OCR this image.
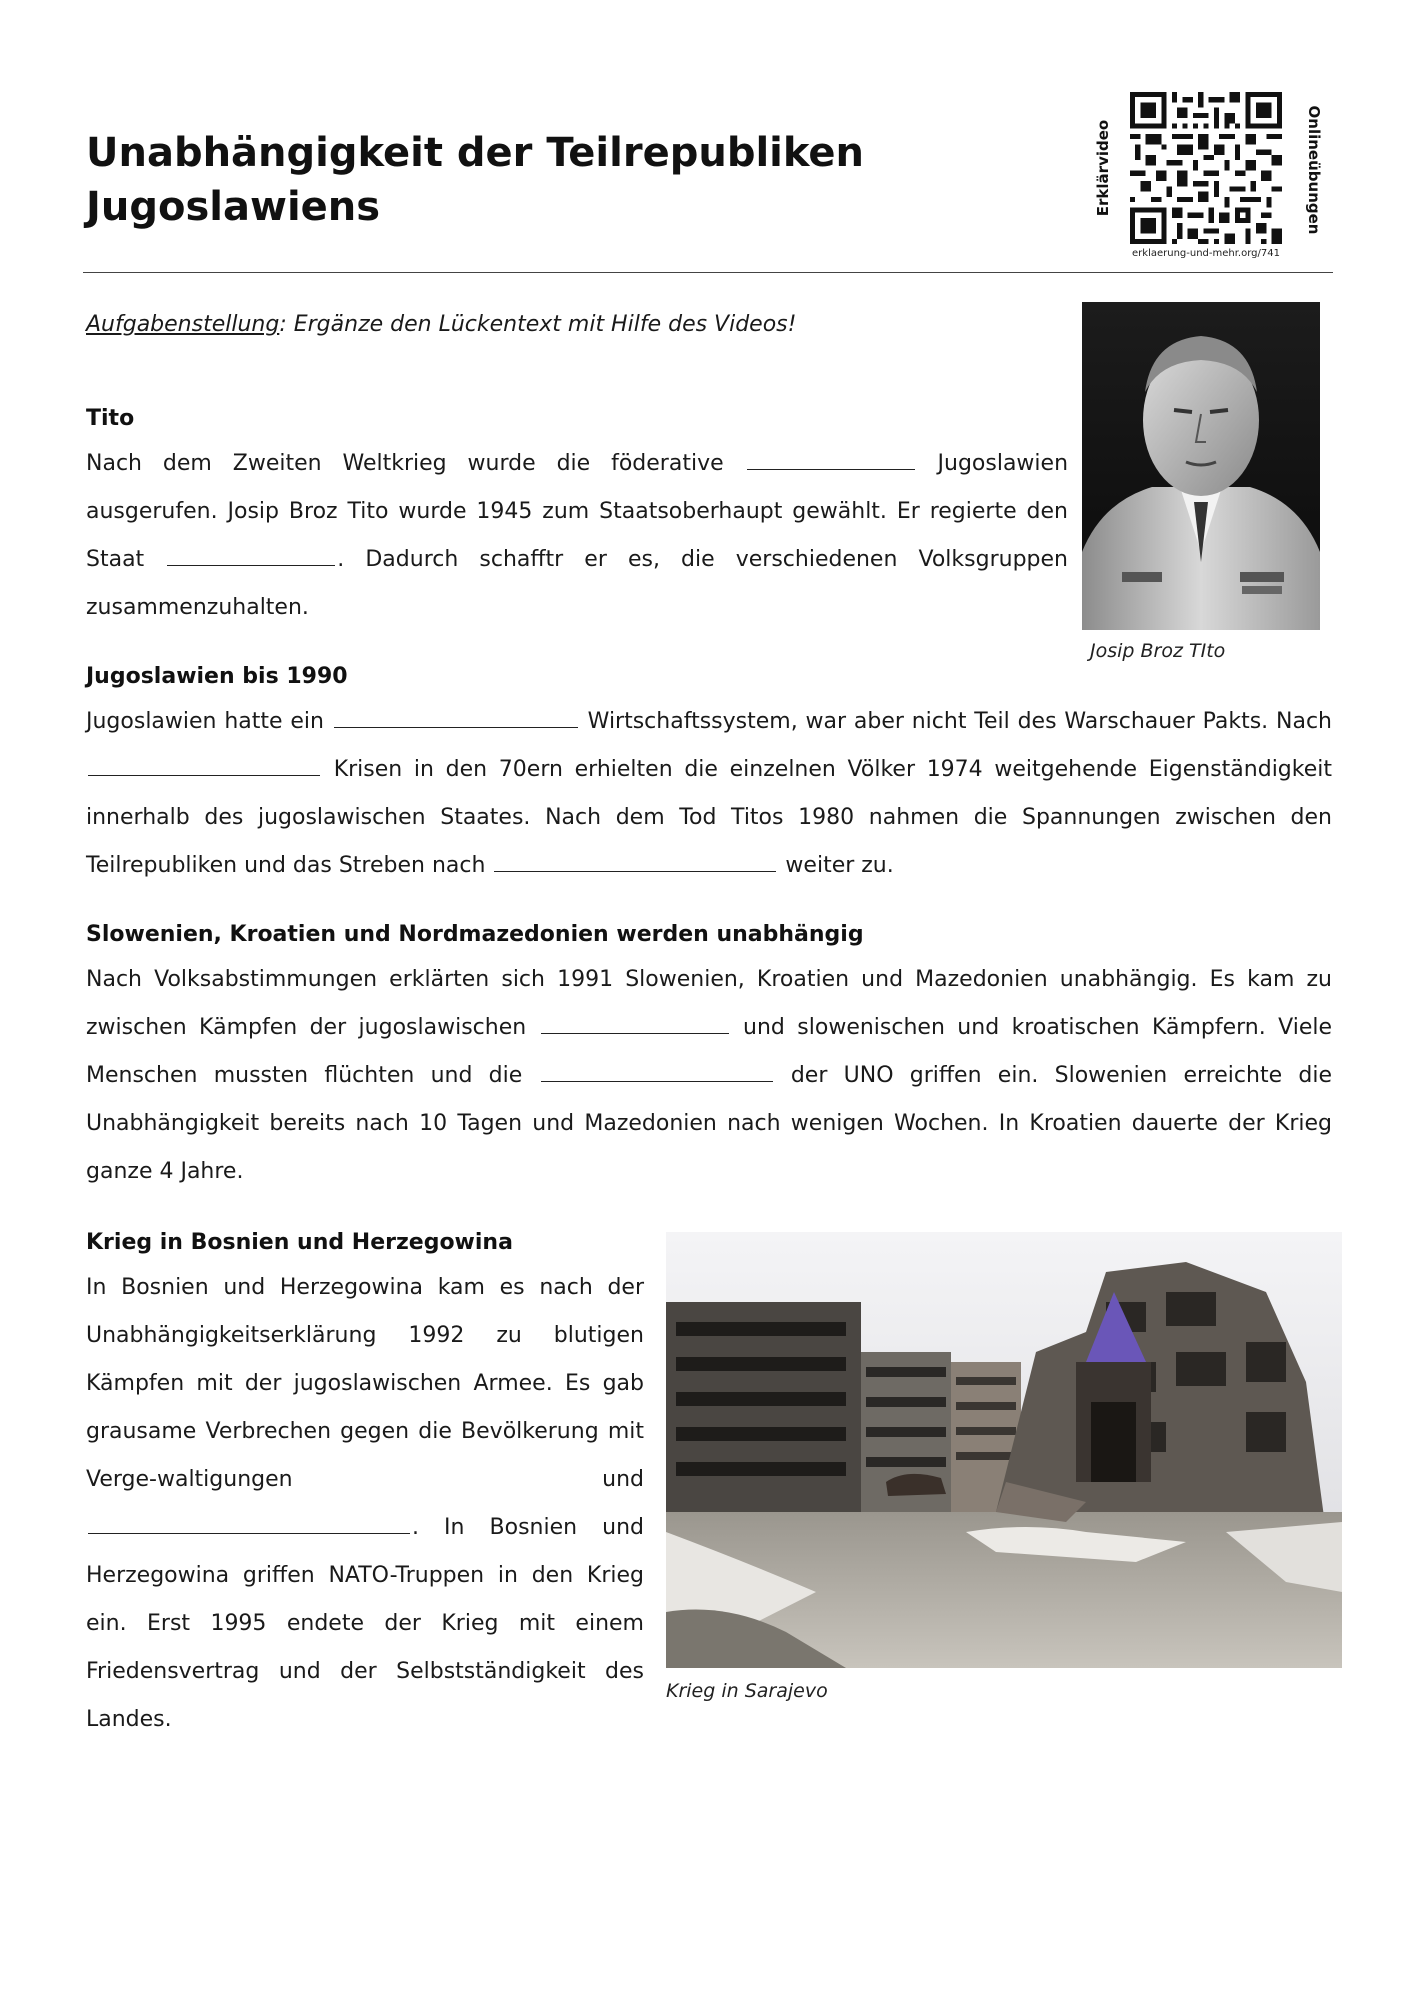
Unabhängigkeit der Teilrepubliken
Jugoslawiens	Erklärvideo	Onlineübungen
erklaerung-und-mehr.org/741
Aufgabenstellung: Ergänze den Lückentext mit Hilfe des Videos!
Tito
Nach dem Zweiten Weltkrieg wurde die föderative	Jugoslawien ausgerufen. Josip Broz Tito wurde 1945 zum Staatsoberhaupt gewählt. Er regierte den Staat	. Dadurch schafftr er es, die verschiedenen Volksgruppen zusammenzuhalten.
Josip Broz TIto
Jugoslawien bis 1990
Jugoslawien hatte ein	Wirtschaftssystem, war aber nicht Teil des Warschauer Pakts. Nach  Krisen in den 70ern erhielten die einzelnen Völker 1974 weitgehende Eigenständigkeit innerhalb des jugoslawischen Staates. Nach dem Tod Titos 1980 nahmen die Spannungen zwischen den Teilrepubliken und das Streben nach	weiter zu.
Slowenien, Kroatien und Nordmazedonien werden unabhängig
Nach Volksabstimmungen erklärten sich 1991 Slowenien, Kroatien und Mazedonien unabhängig. Es kam zu zwischen Kämpfen der jugoslawischen	und slowenischen und kroatischen Kämpfern. Viele Menschen mussten flüchten und die	der UNO griffen ein. Slowenien erreichte die Unabhängigkeit bereits nach 10 Tagen und Mazedonien nach wenigen Wochen. In Kroatien dauerte der Krieg ganze 4 Jahre.
Krieg in Bosnien und Herzegowina
In Bosnien und Herzegowina kam es nach der Unabhängigkeitserklärung 1992 zu blutigen Kämpfen mit der jugoslawischen Armee. Es gab grausame Verbrechen gegen die Bevölkerung mit Verge-waltigungen und . In Bosnien und Herzegowina griffen NATO-Truppen in den Krieg ein. Erst 1995 endete der Krieg mit einem Friedensvertrag und der Selbstständigkeit des Landes.
Krieg in Sarajevo
